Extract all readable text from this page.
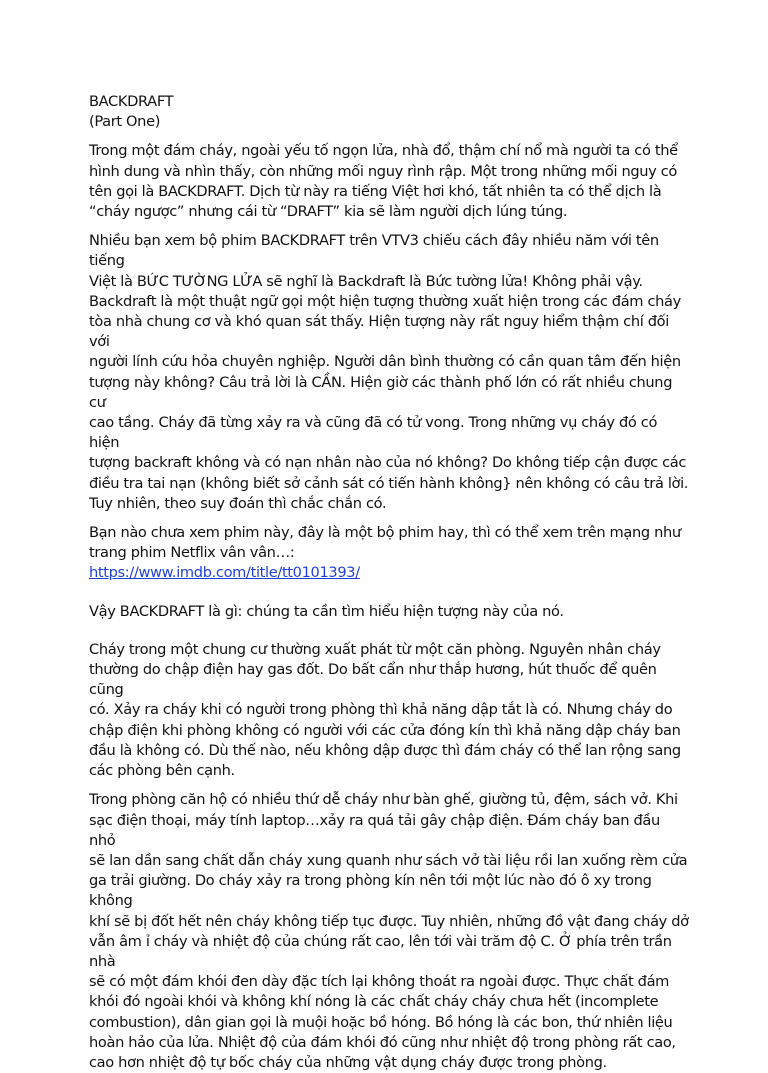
BACKDRAFT

(Part One)

Trong một đám cháy, ngoài yếu tố ngọn lửa, nhà đổ, thậm chí nổ mà người ta có thể
hình dung và nhìn thấy, còn những mối nguy rình rập. Một trong những mối nguy có
tên gọi là BACKDRAFT. Dịch từ này ra tiếng Việt hơi khó, tất nhiên ta có thể dịch là
“cháy ngược” nhưng cái từ “DRAFT” kia sẽ làm người dịch lúng túng.

Nhiều bạn xem bộ phim BACKDRAFT trên VTV3 chiếu cách đây nhiều năm với tên tiếng
Việt là BỨC TƯỜNG LỬA sẽ nghĩ là Backdraft là Bức tường lửa! Không phải vậy.
Backdraft là một thuật ngữ gọi một hiện tượng thường xuất hiện trong các đám cháy
tòa nhà chung cơ và khó quan sát thấy. Hiện tượng này rất nguy hiểm thậm chí đối với
người lính cứu hỏa chuyên nghiệp. Người dân bình thường có cần quan tâm đến hiện
tượng này không? Câu trả lời là CẦN. Hiện giờ các thành phố lớn có rất nhiều chung cư
cao tầng. Cháy đã từng xảy ra và cũng đã có tử vong. Trong những vụ cháy đó có hiện
tượng backraft không và có nạn nhân nào của nó không? Do không tiếp cận được các
điều tra tai nạn (không biết sở cảnh sát có tiến hành không} nên không có câu trả lời.
Tuy nhiên, theo suy đoán thì chắc chắn có.

Bạn nào chưa xem phim này, đây là một bộ phim hay, thì có thể xem trên mạng như
trang phim Netflix vân vân…:

https://www.imdb.com/title/tt0101393/

Vậy BACKDRAFT là gì: chúng ta cần tìm hiểu hiện tượng này của nó.

Cháy trong một chung cư thường xuất phát từ một căn phòng. Nguyên nhân cháy
thường do chập điện hay gas đốt. Do bất cẩn như thắp hương, hút thuốc để quên cũng
có. Xảy ra cháy khi có người trong phòng thì khả năng dập tắt là có. Nhưng cháy do
chập điện khi phòng không có người với các cửa đóng kín thì khả năng dập cháy ban
đầu là không có. Dù thế nào, nếu không dập được thì đám cháy có thể lan rộng sang
các phòng bên cạnh.

Trong phòng căn hộ có nhiều thứ dễ cháy như bàn ghế, giường tủ, đệm, sách vở. Khi
sạc điện thoại, máy tính laptop…xảy ra quá tải gây chập điện. Đám cháy ban đầu nhỏ
sẽ lan dần sang chất dẫn cháy xung quanh như sách vở tài liệu rồi lan xuống rèm cửa
ga trải giường. Do cháy xảy ra trong phòng kín nên tới một lúc nào đó ô xy trong không
khí sẽ bị đốt hết nên cháy không tiếp tục được. Tuy nhiên, những đồ vật đang cháy dở
vẫn âm ỉ cháy và nhiệt độ của chúng rất cao, lên tới vài trăm độ C. Ở phía trên trần nhà
sẽ có một đám khói đen dày đặc tích lại không thoát ra ngoài được. Thực chất đám
khói đó ngoài khói và không khí nóng là các chất cháy cháy chưa hết (incomplete
combustion), dân gian gọi là muội hoặc bồ hóng. Bồ hóng là các bon, thứ nhiên liệu
hoàn hảo của lửa. Nhiệt độ của đám khói đó cũng như nhiệt độ trong phòng rất cao,
cao hơn nhiệt độ tự bốc cháy của những vật dụng cháy được trong phòng.
